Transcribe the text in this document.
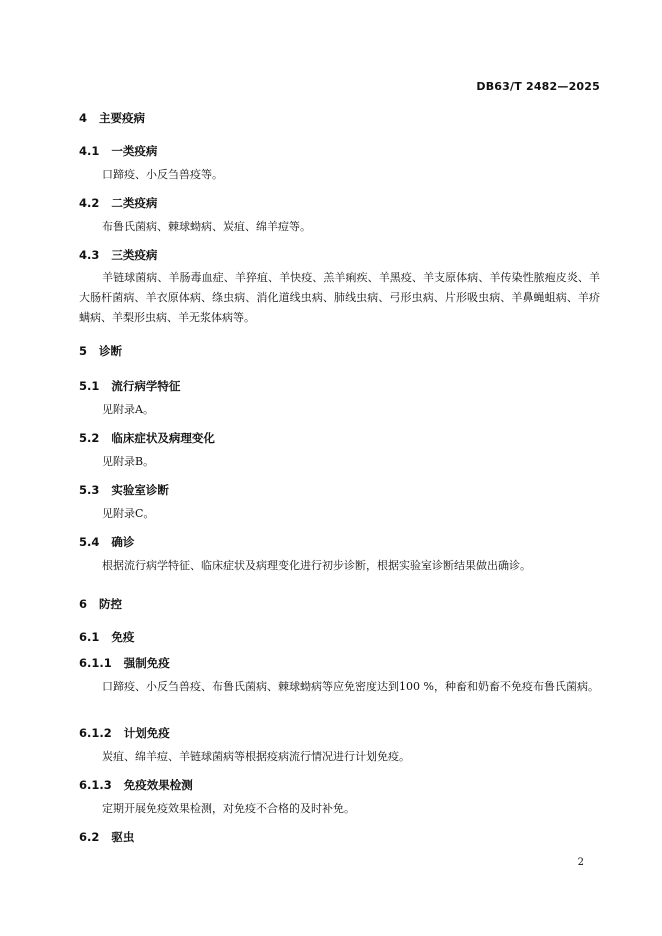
DB63/T 2482—2025
4 主要疫病
4.1 一类疫病
口蹄疫、小反刍兽疫等。
4.2 二类疫病
布鲁氏菌病、棘球蚴病、炭疽、绵羊痘等。
4.3 三类疫病
羊链球菌病、羊肠毒血症、羊猝疽、羊快疫、羔羊痢疾、羊黑疫、羊支原体病、羊传染性脓疱皮炎、羊大肠杆菌病、羊衣原体病、绦虫病、消化道线虫病、肺线虫病、弓形虫病、片形吸虫病、羊鼻蝇蛆病、羊疥螨病、羊梨形虫病、羊无浆体病等。
5 诊断
5.1 流行病学特征
见附录A。
5.2 临床症状及病理变化
见附录B。
5.3 实验室诊断
见附录C。
5.4 确诊
根据流行病学特征、临床症状及病理变化进行初步诊断，根据实验室诊断结果做出确诊。
6 防控
6.1 免疫
6.1.1 强制免疫
口蹄疫、小反刍兽疫、布鲁氏菌病、棘球蚴病等应免密度达到100 %，种畜和奶畜不免疫布鲁氏菌病。
6.1.2 计划免疫
炭疽、绵羊痘、羊链球菌病等根据疫病流行情况进行计划免疫。
6.1.3 免疫效果检测
定期开展免疫效果检测，对免疫不合格的及时补免。
6.2 驱虫
2
